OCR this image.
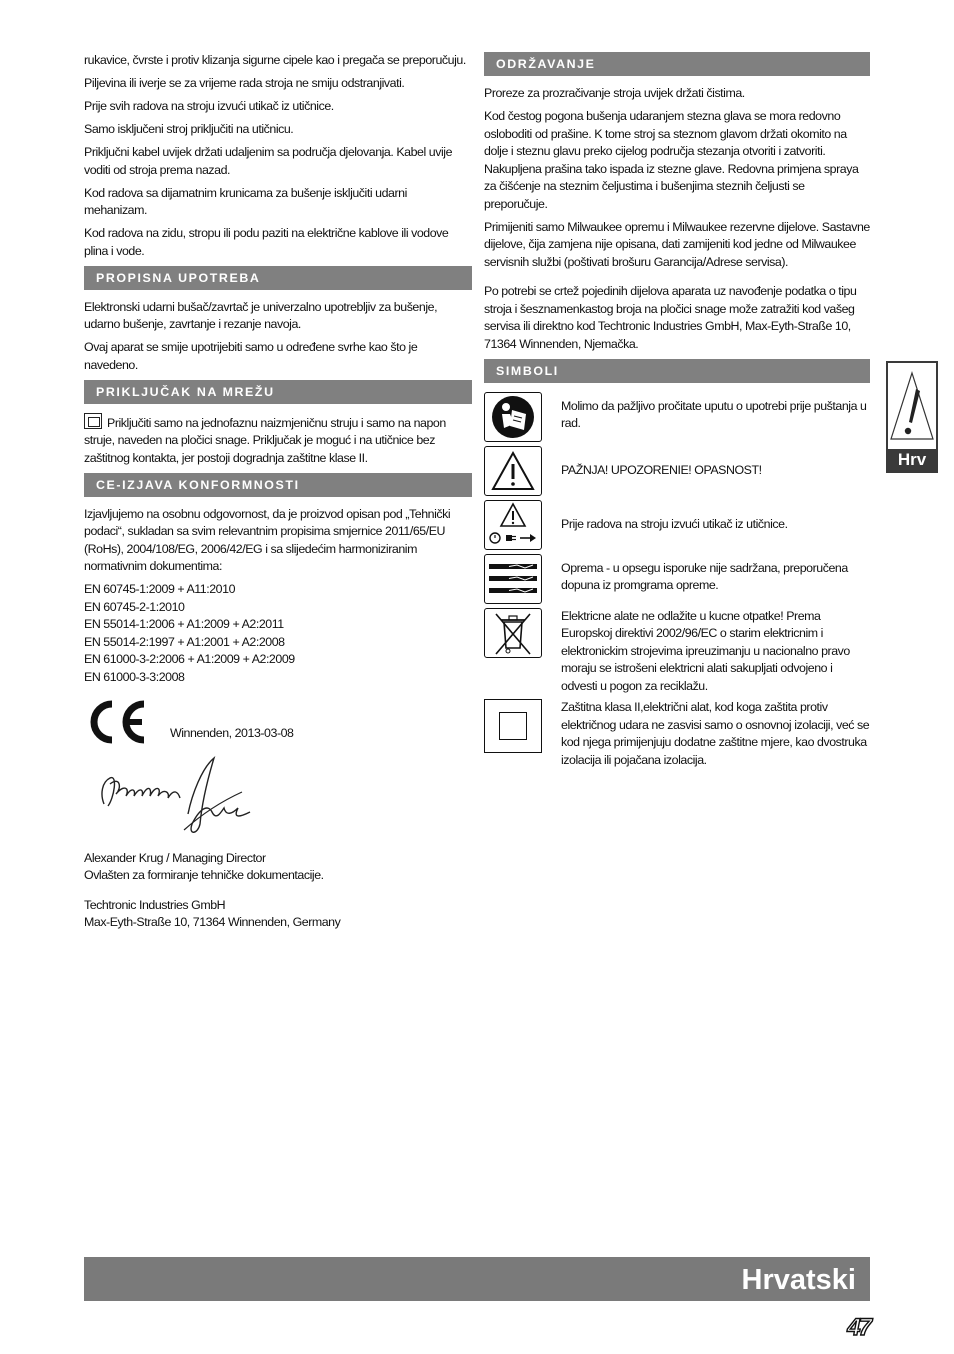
rukavice, čvrste i protiv klizanja sigurne cipele kao i pregača se preporučuju.

Piljevina ili iverje se za vrijeme rada stroja ne smiju odstranjivati.

Prije svih radova na stroju izvući utikač iz utičnice.

Samo isključeni stroj priključiti na utičnicu.

Priključni kabel uvijek držati udaljenim sa područja djelovanja. Kabel uvije voditi od stroja prema nazad.

Kod radova sa dijamatnim krunicama za bušenje isključiti udarni mehanizam.

Kod radova na zidu, stropu ili podu paziti na električne kablove ili vodove plina i vode.

PROPISNA UPOTREBA

Elektronski udarni bušač/zavrtač je univerzalno upotrebljiv za bušenje, udarno bušenje, zavrtanje i rezanje navoja.

Ovaj aparat se smije upotrijebiti samo u određene svrhe kao što je navedeno.

PRIKLJUČAK NA MREŽU

Priključiti samo na jednofaznu naizmjeničnu struju i samo na napon struje, naveden na pločici snage. Priključak je moguć i na utičnice bez zaštitnog kontakta, jer postoji dogradnja zaštitne klase II.

CE-IZJAVA KONFORMNOSTI

Izjavljujemo na osobnu odgovornost, da je proizvod opisan pod „Tehnički podaci“, sukladan sa svim relevantnim propisima smjernice 2011/65/EU (RoHs), 2004/108/EG, 2006/42/EG i sa slijedećim harmoniziranim normativnim dokumentima:

EN 60745-1:2009 + A11:2010

EN 60745-2-1:2010

EN 55014-1:2006 + A1:2009 + A2:2011

EN 55014-2:1997 + A1:2001 + A2:2008

EN 61000-3-2:2006 + A1:2009 + A2:2009

EN 61000-3-3:2008

Winnenden, 2013-03-08

Alexander Krug / Managing Director

Ovlašten za formiranje tehničke dokumentacije.

Techtronic Industries GmbH

Max-Eyth-Straße 10, 71364 Winnenden, Germany

ODRŽAVANJE

Proreze za prozračivanje stroja uvijek držati čistima.

Kod čestog pogona bušenja udaranjem stezna glava se mora redovno osloboditi od prašine. K tome stroj sa steznom glavom držati okomito na dolje i steznu glavu preko cijelog područja stezanja otvoriti i zatvoriti. Nakupljena prašina tako ispada iz stezne glave. Redovna primjena spraya za čišćenje na steznim čeljustima i bušenjima steznih čeljusti se preporučuje.

Primijeniti samo Milwaukee opremu i Milwaukee rezervne dijelove. Sastavne dijelove, čija zamjena nije opisana, dati zamijeniti kod jedne od Milwaukee servisnih službi (poštivati brošuru Garancija/Adrese servisa).

Po potrebi se crtež pojedinih dijelova aparata uz navođenje podatka o tipu stroja i šesznamenkastog broja na pločici snage može zatražiti kod vašeg servisa ili direktno kod Techtronic Industries GmbH, Max-Eyth-Straße 10, 71364 Winnenden, Njemačka.

SIMBOLI
Molimo da pažljivo pročitate uputu o upotrebi prije puštanja u rad.
PAŽNJA! UPOZORENIE! OPASNOST!
Prije radova na stroju izvući utikač iz utičnice.
Oprema - u opsegu isporuke nije sadržana, preporučena dopuna iz promgrama opreme.
Elektricne alate ne odlažite u kucne otpatke! Prema Europskoj direktivi 2002/96/EC o starim elektricnim i elektronickim strojevima ipreuzimanju u nacionalno pravo moraju se istrošeni elektricni alati sakupljati odvojeno i odvesti u pogon za reciklažu.
Zaštitna klasa II,električni alat, kod koga zaštita protiv električnog udara ne zasvisi samo o osnovnoj izolaciji, već se kod njega primijenjuju dodatne zaštitne mjere, kao dvostruka izolacija ili pojačana izolacija.
Hrv
Hrvatski
47
